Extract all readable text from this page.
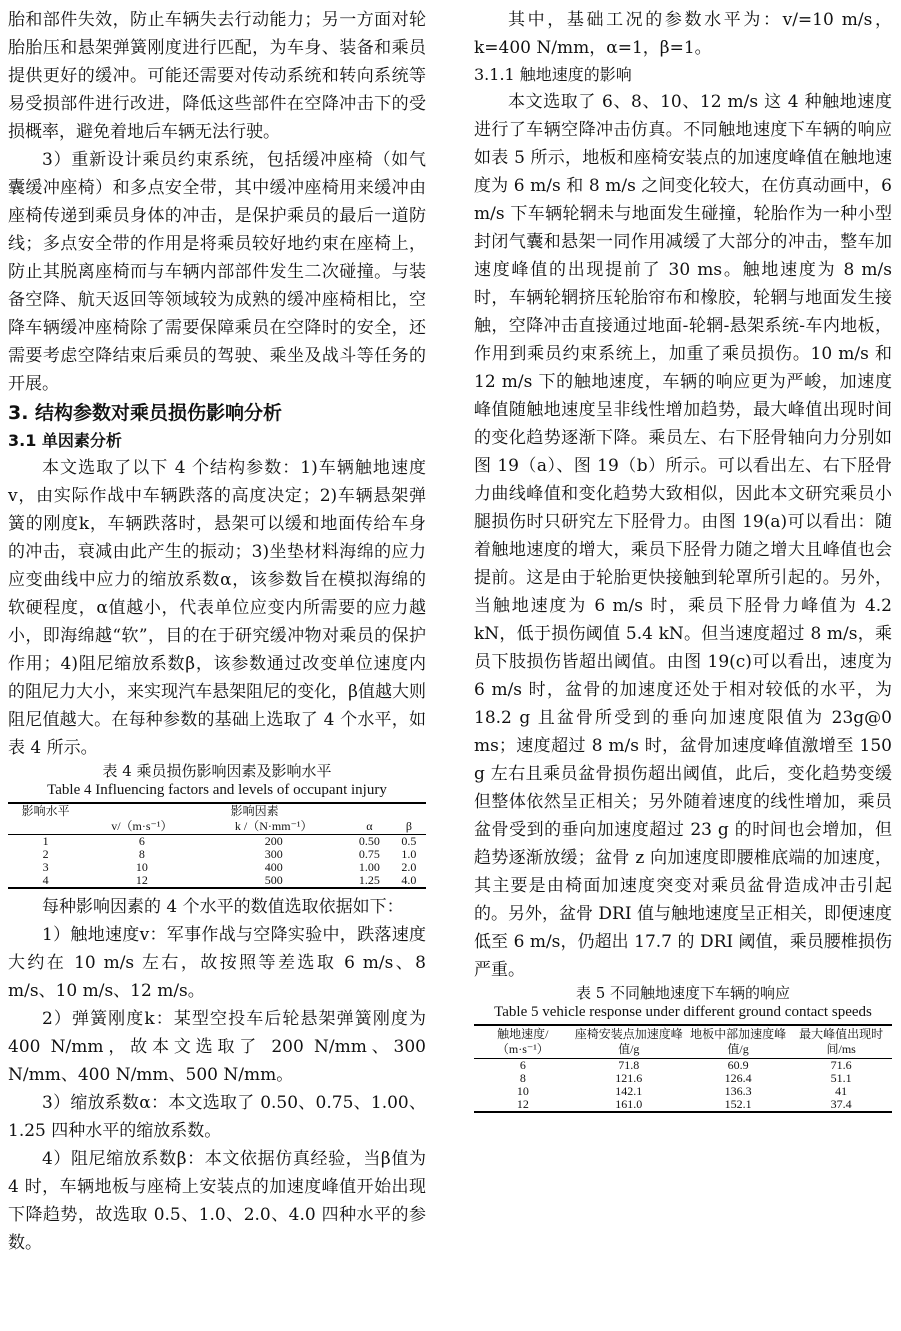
胎和部件失效，防止车辆失去行动能力；另一方面对轮胎胎压和悬架弹簧刚度进行匹配，为车身、装备和乘员提供更好的缓冲。可能还需要对传动系统和转向系统等易受损部件进行改进，降低这些部件在空降冲击下的受损概率，避免着地后车辆无法行驶。

3）重新设计乘员约束系统，包括缓冲座椅（如气囊缓冲座椅）和多点安全带，其中缓冲座椅用来缓冲由座椅传递到乘员身体的冲击，是保护乘员的最后一道防线；多点安全带的作用是将乘员较好地约束在座椅上，防止其脱离座椅而与车辆内部部件发生二次碰撞。与装备空降、航天返回等领域较为成熟的缓冲座椅相比，空降车辆缓冲座椅除了需要保障乘员在空降时的安全，还需要考虑空降结束后乘员的驾驶、乘坐及战斗等任务的开展。

3. 结构参数对乘员损伤影响分析

3.1 单因素分析

本文选取了以下 4 个结构参数：1)车辆触地速度v，由实际作战中车辆跌落的高度决定；2)车辆悬架弹簧的刚度k，车辆跌落时，悬架可以缓和地面传给车身的冲击，衰减由此产生的振动；3)坐垫材料海绵的应力应变曲线中应力的缩放系数α，该参数旨在模拟海绵的软硬程度，α值越小，代表单位应变内所需要的应力越小，即海绵越“软”，目的在于研究缓冲物对乘员的保护作用；4)阻尼缩放系数β，该参数通过改变单位速度内的阻尼力大小，来实现汽车悬架阻尼的变化，β值越大则阻尼值越大。在每种参数的基础上选取了 4 个水平，如表 4 所示。

表 4 乘员损伤影响因素及影响水平

Table 4 Influencing factors and levels of occupant injury

影响水平	影响因素			
	v/（m·s⁻¹）	k /（N·mm⁻¹）	α	β
1	6	200	0.50	0.5
2	8	300	0.75	1.0
3	10	400	1.00	2.0
4	12	500	1.25	4.0

每种影响因素的 4 个水平的数值选取依据如下：

1）触地速度v：军事作战与空降实验中，跌落速度大约在 10 m/s 左右，故按照等差选取 6 m/s、8 m/s、10 m/s、12 m/s。

2）弹簧刚度k：某型空投车后轮悬架弹簧刚度为 400 N/mm，故本文选取了 200 N/mm、300 N/mm、400 N/mm、500 N/mm。

3）缩放系数α：本文选取了 0.50、0.75、1.00、1.25 四种水平的缩放系数。

4）阻尼缩放系数β：本文依据仿真经验，当β值为 4 时，车辆地板与座椅上安装点的加速度峰值开始出现下降趋势，故选取 0.5、1.0、2.0、4.0 四种水平的参数。

其中，基础工况的参数水平为：v/=10 m/s，k=400 N/mm，α=1，β=1。

3.1.1 触地速度的影响

本文选取了 6、8、10、12 m/s 这 4 种触地速度进行了车辆空降冲击仿真。不同触地速度下车辆的响应如表 5 所示，地板和座椅安装点的加速度峰值在触地速度为 6 m/s 和 8 m/s 之间变化较大，在仿真动画中，6 m/s 下车辆轮辋未与地面发生碰撞，轮胎作为一种小型封闭气囊和悬架一同作用减缓了大部分的冲击，整车加速度峰值的出现提前了 30 ms。触地速度为 8 m/s 时，车辆轮辋挤压轮胎帘布和橡胶，轮辋与地面发生接触，空降冲击直接通过地面-轮辋-悬架系统-车内地板，作用到乘员约束系统上，加重了乘员损伤。10 m/s 和 12 m/s 下的触地速度，车辆的响应更为严峻，加速度峰值随触地速度呈非线性增加趋势，最大峰值出现时间的变化趋势逐渐下降。乘员左、右下胫骨轴向力分别如图 19（a）、图 19（b）所示。可以看出左、右下胫骨力曲线峰值和变化趋势大致相似，因此本文研究乘员小腿损伤时只研究左下胫骨力。由图 19(a)可以看出：随着触地速度的增大，乘员下胫骨力随之增大且峰值也会提前。这是由于轮胎更快接触到轮罩所引起的。另外，当触地速度为 6 m/s 时，乘员下胫骨力峰值为 4.2 kN，低于损伤阈值 5.4 kN。但当速度超过 8 m/s，乘员下肢损伤皆超出阈值。由图 19(c)可以看出，速度为 6 m/s 时，盆骨的加速度还处于相对较低的水平，为 18.2 g 且盆骨所受到的垂向加速度限值为 23g@0 ms；速度超过 8 m/s 时，盆骨加速度峰值激增至 150 g 左右且乘员盆骨损伤超出阈值，此后，变化趋势变缓但整体依然呈正相关；另外随着速度的线性增加，乘员盆骨受到的垂向加速度超过 23 g 的时间也会增加，但趋势逐渐放缓；盆骨 z 向加速度即腰椎底端的加速度，其主要是由椅面加速度突变对乘员盆骨造成冲击引起的。另外，盆骨 DRI 值与触地速度呈正相关，即便速度低至 6 m/s，仍超出 17.7 的 DRI 阈值，乘员腰椎损伤严重。

表 5 不同触地速度下车辆的响应

Table 5 vehicle response under different ground contact speeds

触地速度/（m·s⁻¹）	座椅安装点加速度峰值/g	地板中部加速度峰值/g	最大峰值出现时间/ms
6	71.8	60.9	71.6
8	121.6	126.4	51.1
10	142.1	136.3	41
12	161.0	152.1	37.4
